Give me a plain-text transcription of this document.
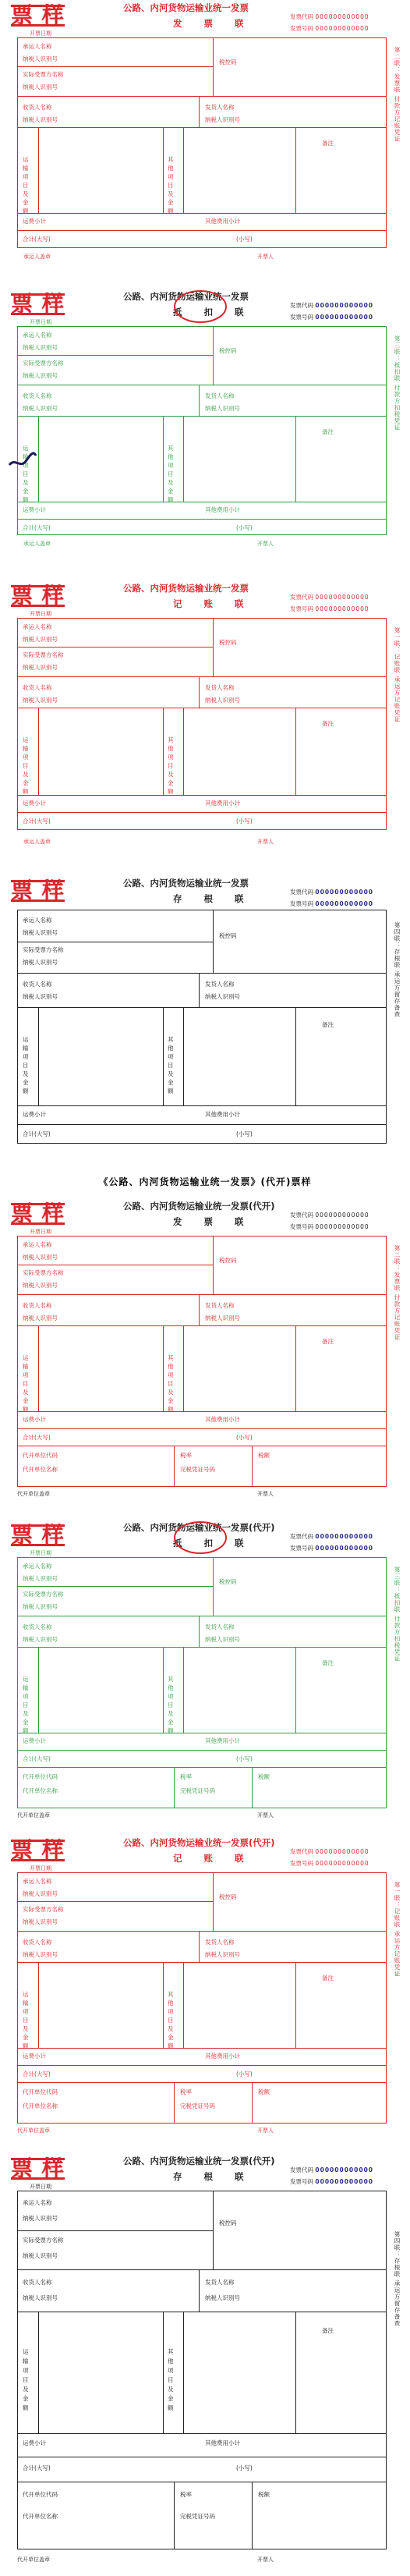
票 样	公路、内河货物运输业统一发票
发 票 联
发票代码 000000000000
发票号码 000000000000
开票日期
承运人名称
纳税人识别号
实际受票方名称
纳税人识别号
税控码
收货人名称
纳税人识别号
发货人名称
纳税人识别号
运输项目及金额
其他项目及金额
备注
运费小计	其他费用小计
合计(大写)	(小写)
第二联：发票联 付款方记账凭证
承运人盖章	开票人
票 样	公路、内河货物运输业统一发票
抵 扣 联
发票代码 000000000000
发票号码 000000000000
开票日期
承运人名称
纳税人识别号
实际受票方名称
纳税人识别号
税控码
收货人名称
纳税人识别号
发货人名称
纳税人识别号
运输项目及金额
其他项目及金额
备注
运费小计	其他费用小计
合计(大写)	(小写)
第三联：抵扣联 付款方扣税凭证
承运人盖章	开票人
票 样	公路、内河货物运输业统一发票
记 账 联
发票代码 000000000000
发票号码 000000000000
开票日期
承运人名称
纳税人识别号
实际受票方名称
纳税人识别号
税控码
收货人名称
纳税人识别号
发货人名称
纳税人识别号
运输项目及金额
其他项目及金额
备注
运费小计	其他费用小计
合计(大写)	(小写)
第一联：记账联 承运方记账凭证
承运人盖章	开票人
票 样	公路、内河货物运输业统一发票
存 根 联
发票代码 000000000000
发票号码 000000000000
承运人名称
纳税人识别号
实际受票方名称
纳税人识别号
税控码
收货人名称
纳税人识别号
发货人名称
纳税人识别号
运输项目及金额
其他项目及金额
备注
运费小计	其他费用小计
合计(大写)	(小写)
第四联：存根联 承运方留存备查
《公路、内河货物运输业统一发票》(代开)票样
票 样	公路、内河货物运输业统一发票(代开)
发 票 联
发票代码 000000000000
发票号码 000000000000
开票日期
承运人名称
纳税人识别号
实际受票方名称
纳税人识别号
税控码
收货人名称
纳税人识别号
发货人名称
纳税人识别号
运输项目及金额
其他项目及金额
备注
运费小计	其他费用小计
合计(大写)	(小写)
代开单位代码
代开单位名称
税率
完税凭证号码
税额
第二联：发票联 付款方记账凭证
代开单位盖章	开票人
票 样	公路、内河货物运输业统一发票(代开)
抵 扣 联
发票代码 000000000000
发票号码 000000000000
开票日期
承运人名称
纳税人识别号
实际受票方名称
纳税人识别号
税控码
收货人名称
纳税人识别号
发货人名称
纳税人识别号
运输项目及金额
其他项目及金额
备注
运费小计	其他费用小计
合计(大写)	(小写)
代开单位代码
代开单位名称
税率
完税凭证号码
税额
第三联：抵扣联 付款方扣税凭证
代开单位盖章	开票人
票 样	公路、内河货物运输业统一发票(代开)
记 账 联
发票代码 000000000000
发票号码 000000000000
开票日期
承运人名称
纳税人识别号
实际受票方名称
纳税人识别号
税控码
收货人名称
纳税人识别号
发货人名称
纳税人识别号
运输项目及金额
其他项目及金额
备注
运费小计	其他费用小计
合计(大写)	(小写)
代开单位代码
代开单位名称
税率
完税凭证号码
税额
第一联：记账联 承运方记账凭证
代开单位盖章	开票人
票 样	公路、内河货物运输业统一发票(代开)
存 根 联
发票代码 000000000000
发票号码 000000000000
开票日期
承运人名称
纳税人识别号
实际受票方名称
纳税人识别号
税控码
收货人名称
纳税人识别号
发货人名称
纳税人识别号
运输项目及金额
其他项目及金额
备注
运费小计	其他费用小计
合计(大写)	(小写)
代开单位代码
代开单位名称
税率
完税凭证号码
税额
第四联：存根联 承运方留存备查
代开单位盖章	开票人
